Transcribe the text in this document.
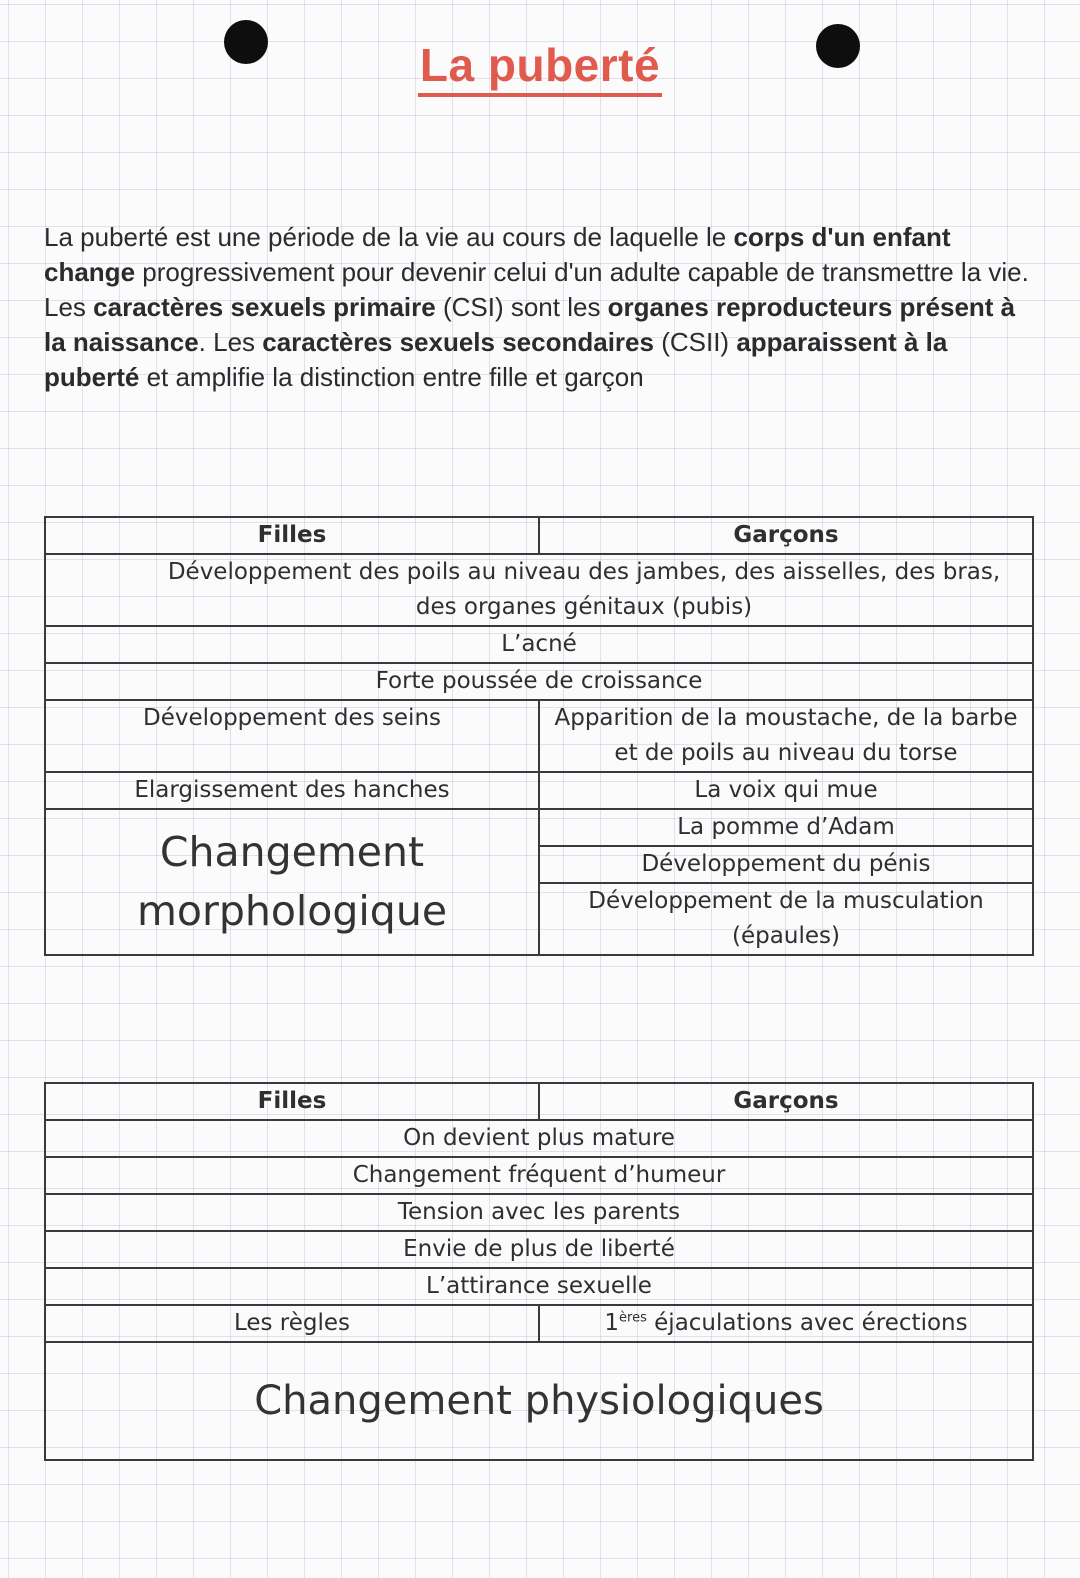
La puberté

La puberté est une période de la vie au cours de laquelle le corps d'un enfant change progressivement pour devenir celui d'un adulte capable de transmettre la vie. Les caractères sexuels primaire (CSI) sont les organes reproducteurs présent à la naissance. Les caractères sexuels secondaires (CSII) apparaissent à la puberté et amplifie la distinction entre fille et garçon

Filles	Garçons
Développement des poils au niveau des jambes, des aisselles, des bras, des organes génitaux (pubis)	
L’acné	
Forte poussée de croissance	
Développement des seins	Apparition de la moustache, de la barbe et de poils au niveau du torse
Elargissement des hanches	La voix qui mue
Changement morphologique	La pomme d’Adam
	Développement du pénis
	Développement de la musculation (épaules)
Filles	Garçons
On devient plus mature	
Changement fréquent d’humeur	
Tension avec les parents	
Envie de plus de liberté	
L’attirance sexuelle	
Les règles	1ères éjaculations avec érections
Changement physiologiques	
